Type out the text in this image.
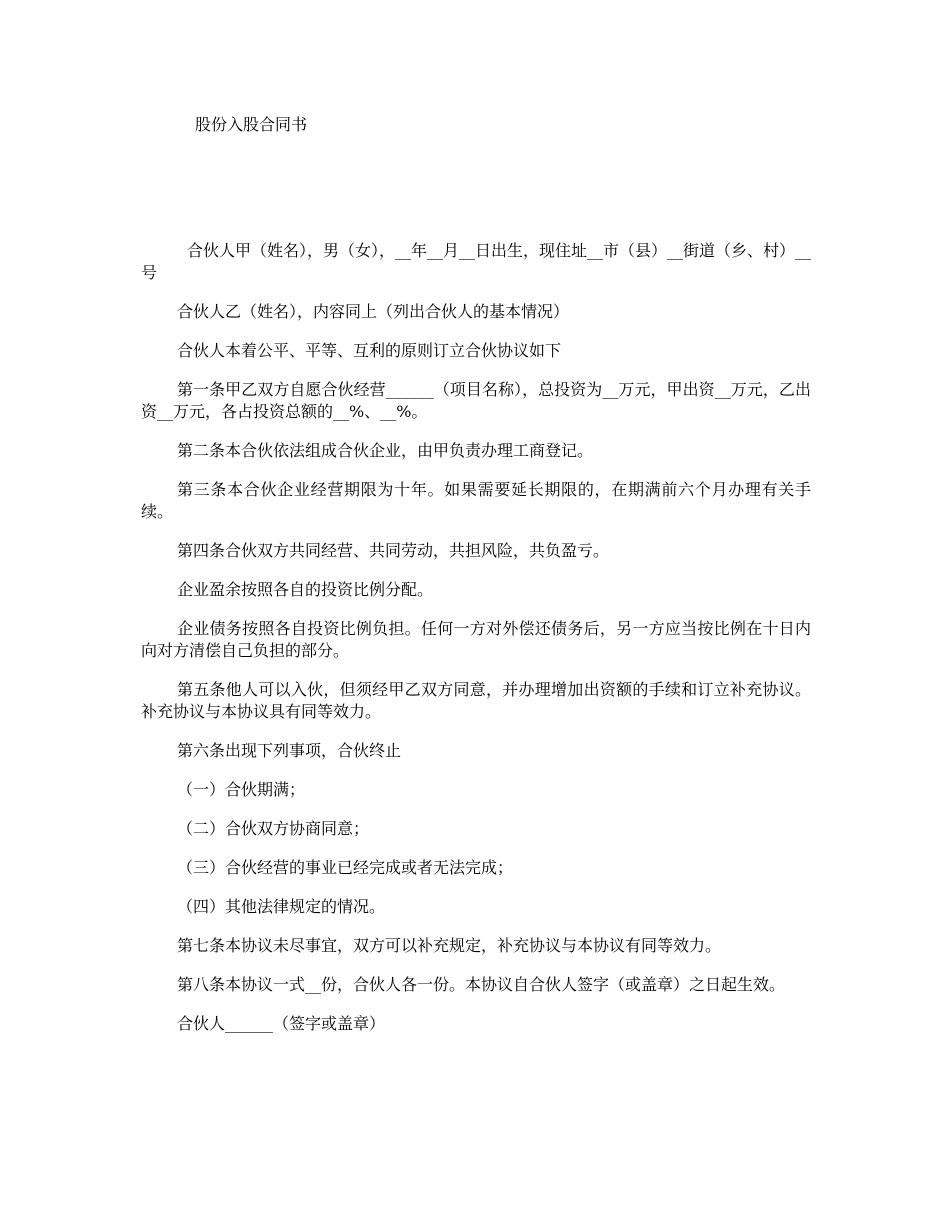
股份入股合同书

合伙人甲（姓名），男（女），__年__月__日出生，现住址__市（县）__街道（乡、村）__号

合伙人乙（姓名），内容同上（列出合伙人的基本情况）

合伙人本着公平、平等、互利的原则订立合伙协议如下

第一条甲乙双方自愿合伙经营______（项目名称），总投资为__万元，甲出资__万元，乙出资__万元，各占投资总额的__%、__%。

第二条本合伙依法组成合伙企业，由甲负责办理工商登记。

第三条本合伙企业经营期限为十年。如果需要延长期限的，在期满前六个月办理有关手续。

第四条合伙双方共同经营、共同劳动，共担风险，共负盈亏。

企业盈余按照各自的投资比例分配。

企业债务按照各自投资比例负担。任何一方对外偿还债务后，另一方应当按比例在十日内向对方清偿自己负担的部分。

第五条他人可以入伙，但须经甲乙双方同意，并办理增加出资额的手续和订立补充协议。补充协议与本协议具有同等效力。

第六条出现下列事项，合伙终止

（一）合伙期满；

（二）合伙双方协商同意；

（三）合伙经营的事业已经完成或者无法完成；

（四）其他法律规定的情况。

第七条本协议未尽事宜，双方可以补充规定，补充协议与本协议有同等效力。

第八条本协议一式__份，合伙人各一份。本协议自合伙人签字（或盖章）之日起生效。

合伙人______（签字或盖章）
